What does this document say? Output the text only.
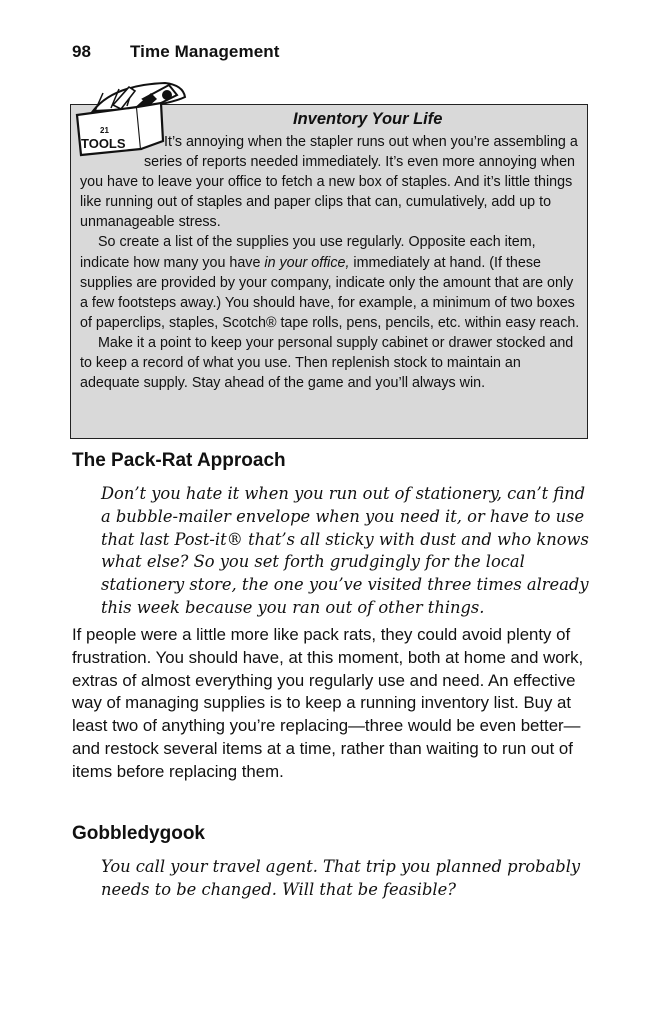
98 Time Management
21
TOOLS
Inventory Your Life

It’s annoying when the stapler runs out when you’re assembling a series of reports needed immediately. It’s even more annoying when you have to leave your office to fetch a new box of staples. And it’s little things like running out of staples and paper clips that can, cumulatively, add up to unmanageable stress.

So create a list of the supplies you use regularly. Opposite each item, indicate how many you have in your office, immediately at hand. (If these supplies are provided by your company, indicate only the amount that are only a few footsteps away.) You should have, for example, a minimum of two boxes of paperclips, staples, Scotch® tape rolls, pens, pencils, etc. within easy reach.

Make it a point to keep your personal supply cabinet or drawer stocked and to keep a record of what you use. Then replenish stock to maintain an adequate supply. Stay ahead of the game and you’ll always win.

The Pack-Rat Approach

Don’t you hate it when you run out of stationery, can’t find a bubble-mailer envelope when you need it, or have to use that last Post-it® that’s all sticky with dust and who knows what else? So you set forth grudgingly for the local stationery store, the one you’ve visited three times already this week because you ran out of other things.

If people were a little more like pack rats, they could avoid plenty of frustration. You should have, at this moment, both at home and work, extras of almost everything you regularly use and need. An effective way of managing supplies is to keep a running inventory list. Buy at least two of anything you’re replacing—three would be even better—and restock several items at a time, rather than waiting to run out of items before replacing them.

Gobbledygook

You call your travel agent. That trip you planned probably needs to be changed. Will that be feasible?
